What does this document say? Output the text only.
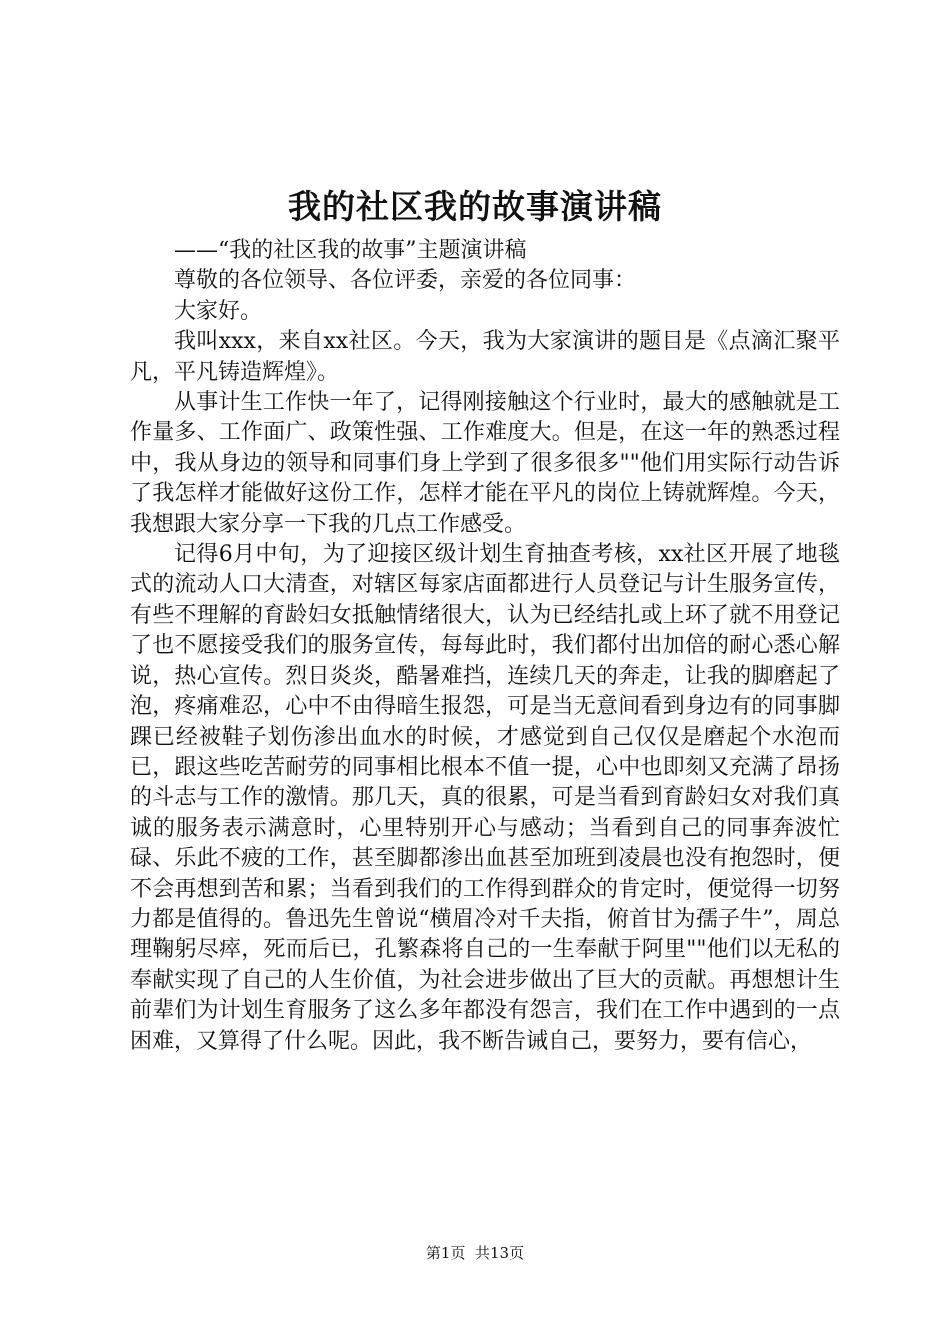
我的社区我的故事演讲稿

——“我的社区我的故事”主题演讲稿

尊敬的各位领导、各位评委，亲爱的各位同事：

大家好。

我叫xxx，来自xx社区。今天，我为大家演讲的题目是《点滴汇聚平凡，平凡铸造辉煌》。

从事计生工作快一年了，记得刚接触这个行业时，最大的感触就是工作量多、工作面广、政策性强、工作难度大。但是，在这一年的熟悉过程中，我从身边的领导和同事们身上学到了很多很多""他们用实际行动告诉了我怎样才能做好这份工作，怎样才能在平凡的岗位上铸就辉煌。今天，我想跟大家分享一下我的几点工作感受。

记得6月中旬，为了迎接区级计划生育抽查考核，xx社区开展了地毯式的流动人口大清查，对辖区每家店面都进行人员登记与计生服务宣传，有些不理解的育龄妇女抵触情绪很大，认为已经结扎或上环了就不用登记了也不愿接受我们的服务宣传，每每此时，我们都付出加倍的耐心悉心解说，热心宣传。烈日炎炎，酷暑难挡，连续几天的奔走，让我的脚磨起了泡，疼痛难忍，心中不由得暗生报怨，可是当无意间看到身边有的同事脚踝已经被鞋子划伤渗出血水的时候，才感觉到自己仅仅是磨起个水泡而已，跟这些吃苦耐劳的同事相比根本不值一提，心中也即刻又充满了昂扬的斗志与工作的激情。那几天，真的很累，可是当看到育龄妇女对我们真诚的服务表示满意时，心里特别开心与感动；当看到自己的同事奔波忙碌、乐此不疲的工作，甚至脚都渗出血甚至加班到凌晨也没有抱怨时，便不会再想到苦和累；当看到我们的工作得到群众的肯定时，便觉得一切努力都是值得的。鲁迅先生曾说“横眉冷对千夫指，俯首甘为孺子牛”，周总理鞠躬尽瘁，死而后已，孔繁森将自己的一生奉献于阿里""他们以无私的奉献实现了自己的人生价值，为社会进步做出了巨大的贡献。再想想计生前辈们为计划生育服务了这么多年都没有怨言，我们在工作中遇到的一点困难，又算得了什么呢。因此，我不断告诫自己，要努力，要有信心，

第1页 共13页
